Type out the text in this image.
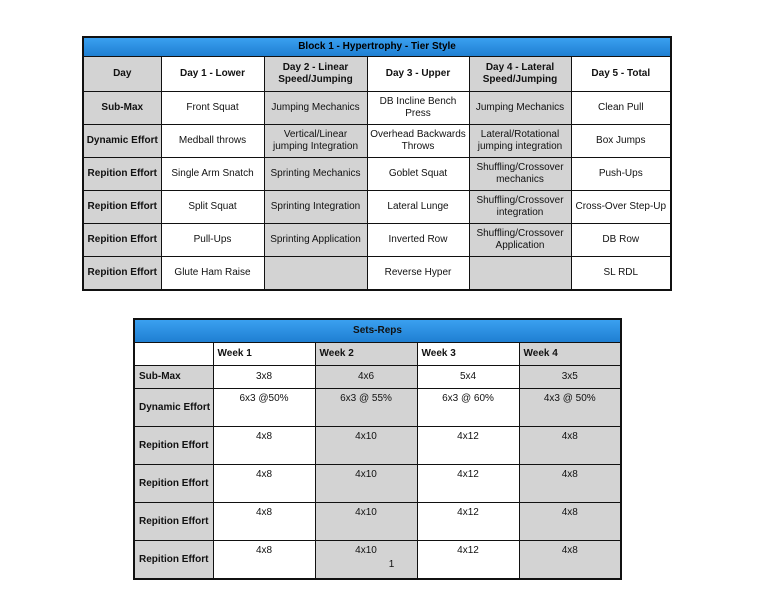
Block 1 - Hypertrophy - Tier Style					
Day	Day 1 - Lower	Day 2 - Linear Speed/Jumping	Day 3 - Upper	Day 4 - Lateral Speed/Jumping	Day 5 - Total
Sub-Max	Front Squat	Jumping Mechanics	DB Incline Bench Press	Jumping Mechanics	Clean Pull
Dynamic Effort	Medball throws	Vertical/Linear jumping Integration	Overhead Backwards Throws	Lateral/Rotational jumping integration	Box Jumps
Repition Effort	Single Arm Snatch	Sprinting Mechanics	Goblet Squat	Shuffling/Crossover mechanics	Push-Ups
Repition Effort	Split Squat	Sprinting Integration	Lateral Lunge	Shuffling/Crossover integration	Cross-Over Step-Up
Repition Effort	Pull-Ups	Sprinting Application	Inverted Row	Shuffling/Crossover Application	DB Row
Repition Effort	Glute Ham Raise		Reverse Hyper		SL RDL
Sets-Reps				
	Week 1	Week 2	Week 3	Week 4
Sub-Max	3x8	4x6	5x4	3x5
Dynamic Effort	6x3 @50%	6x3 @ 55%	6x3 @ 60%	4x3 @ 50%
Repition Effort	4x8	4x10	4x12	4x8
Repition Effort	4x8	4x10	4x12	4x8
Repition Effort	4x8	4x10	4x12	4x8
Repition Effort	4x8	4x10	4x12	4x8
1
